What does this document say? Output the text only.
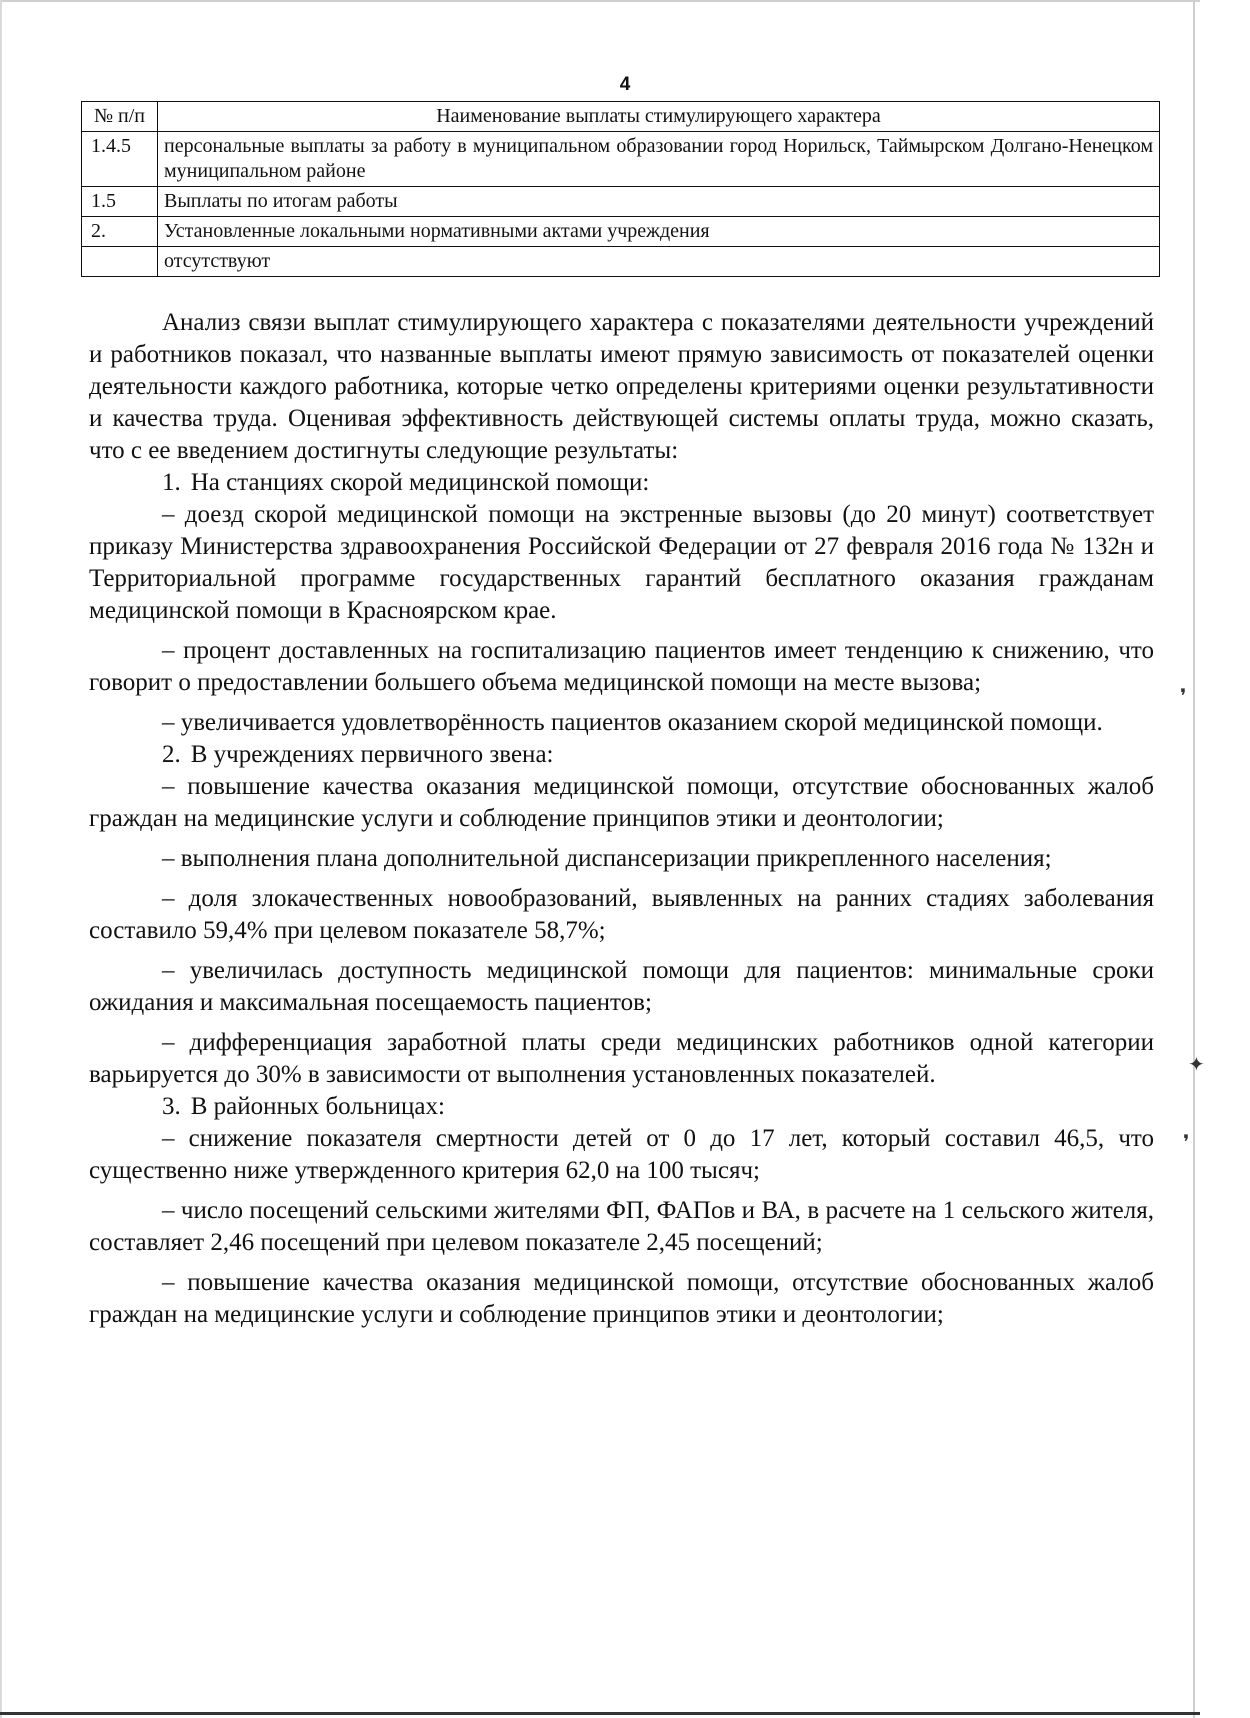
4
№ п/п	Наименование выплаты стимулирующего характера
1.4.5	персональные выплаты за работу в муниципальном образовании город Норильск, Таймырском Долгано-Ненецком муниципальном районе
1.5	Выплаты по итогам работы
2.	Установленные локальными нормативными актами учреждения
	отсутствуют

Анализ связи выплат стимулирующего характера с показателями деятельности учреждений и работников показал, что названные выплаты имеют прямую зависимость от показателей оценки деятельности каждого работника, которые четко определены критериями оценки результативности и качества труда. Оценивая эффективность действующей системы оплаты труда, можно сказать, что с ее введением достигнуты следующие результаты:

1. На станциях скорой медицинской помощи:

– доезд скорой медицинской помощи на экстренные вызовы (до 20 минут) соответствует приказу Министерства здравоохранения Российской Федерации от 27 февраля 2016 года № 132н и Территориальной программе государственных гарантий бесплатного оказания гражданам медицинской помощи в Красноярском крае.

– процент доставленных на госпитализацию пациентов имеет тенденцию к снижению, что говорит о предоставлении большего объема медицинской помощи на месте вызова;

– увеличивается удовлетворённость пациентов оказанием скорой медицинской помощи.

2. В учреждениях первичного звена:

– повышение качества оказания медицинской помощи, отсутствие обоснованных жалоб граждан на медицинские услуги и соблюдение принципов этики и деонтологии;

– выполнения плана дополнительной диспансеризации прикрепленного населения;

– доля злокачественных новообразований, выявленных на ранних стадиях заболевания составило 59,4% при целевом показателе 58,7%;

– увеличилась доступность медицинской помощи для пациентов: минимальные сроки ожидания и максимальная посещаемость пациентов;

– дифференциация заработной платы среди медицинских работников одной категории варьируется до 30% в зависимости от выполнения установленных показателей.

3. В районных больницах:

– снижение показателя смертности детей от 0 до 17 лет, который составил 46,5, что существенно ниже утвержденного критерия 62,0 на 100 тысяч;

– число посещений сельскими жителями ФП, ФАПов и ВА, в расчете на 1 сельского жителя, составляет 2,46 посещений при целевом показателе 2,45 посещений;

– повышение качества оказания медицинской помощи, отсутствие обоснованных жалоб граждан на медицинские услуги и соблюдение принципов этики и деонтологии;

❜
✦
❜
